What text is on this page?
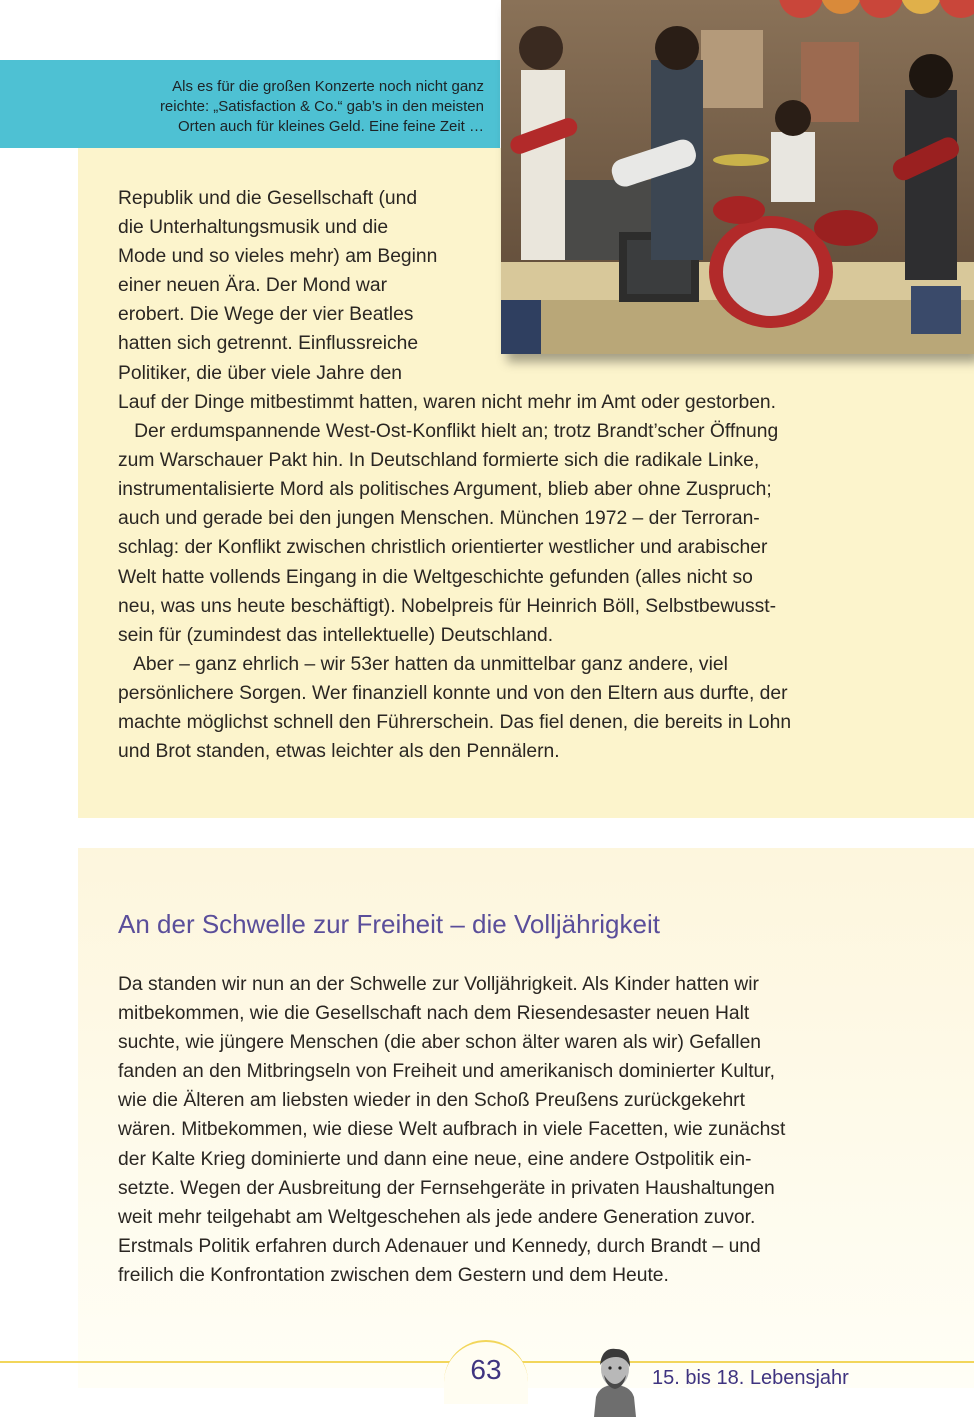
Als es für die großen Konzerte noch nicht ganz
reichte: „Satisfaction & Co.“ gab’s in den meisten
Orten auch für kleines Geld. Eine feine Zeit …
Republik und die Gesellschaft (und
die Unterhaltungsmusik und die
Mode und so vieles mehr) am Beginn
einer neuen Ära. Der Mond war
erobert. Die Wege der vier Beatles
hatten sich getrennt. Einflussreiche
Politiker, die über viele Jahre den
Lauf der Dinge mitbestimmt hatten, waren nicht mehr im Amt oder gestorben.
Der erdumspannende West-Ost-Konflikt hielt an; trotz Brandt’scher Öffnung
zum Warschauer Pakt hin. In Deutschland formierte sich die radikale Linke,
instrumentalisierte Mord als politisches Argument, blieb aber ohne Zuspruch;
auch und gerade bei den jungen Menschen. München 1972 – der Terroran-
schlag: der Konflikt zwischen christlich orientierter westlicher und arabischer
Welt hatte vollends Eingang in die Weltgeschichte gefunden (alles nicht so
neu, was uns heute beschäftigt). Nobelpreis für Heinrich Böll, Selbstbewusst-
sein für (zumindest das intellektuelle) Deutschland.
Aber – ganz ehrlich – wir 53er hatten da unmittelbar ganz andere, viel
persönlichere Sorgen. Wer finanziell konnte und von den Eltern aus durfte, der
machte möglichst schnell den Führerschein. Das fiel denen, die bereits in Lohn
und Brot standen, etwas leichter als den Pennälern.
An der Schwelle zur Freiheit – die Volljährigkeit
Da standen wir nun an der Schwelle zur Volljährigkeit. Als Kinder hatten wir
mitbekommen, wie die Gesellschaft nach dem Riesendesaster neuen Halt
suchte, wie jüngere Menschen (die aber schon älter waren als wir) Gefallen
fanden an den Mitbringseln von Freiheit und amerikanisch dominierter Kultur,
wie die Älteren am liebsten wieder in den Schoß Preußens zurückgekehrt
wären. Mitbekommen, wie diese Welt aufbrach in viele Facetten, wie zunächst
der Kalte Krieg dominierte und dann eine neue, eine andere Ostpolitik ein-
setzte. Wegen der Ausbreitung der Fernsehgeräte in privaten Haushaltungen
weit mehr teilgehabt am Weltgeschehen als jede andere Generation zuvor.
Erstmals Politik erfahren durch Adenauer und Kennedy, durch Brandt – und
freilich die Konfrontation zwischen dem Gestern und dem Heute.
63	15. bis 18. Lebensjahr
